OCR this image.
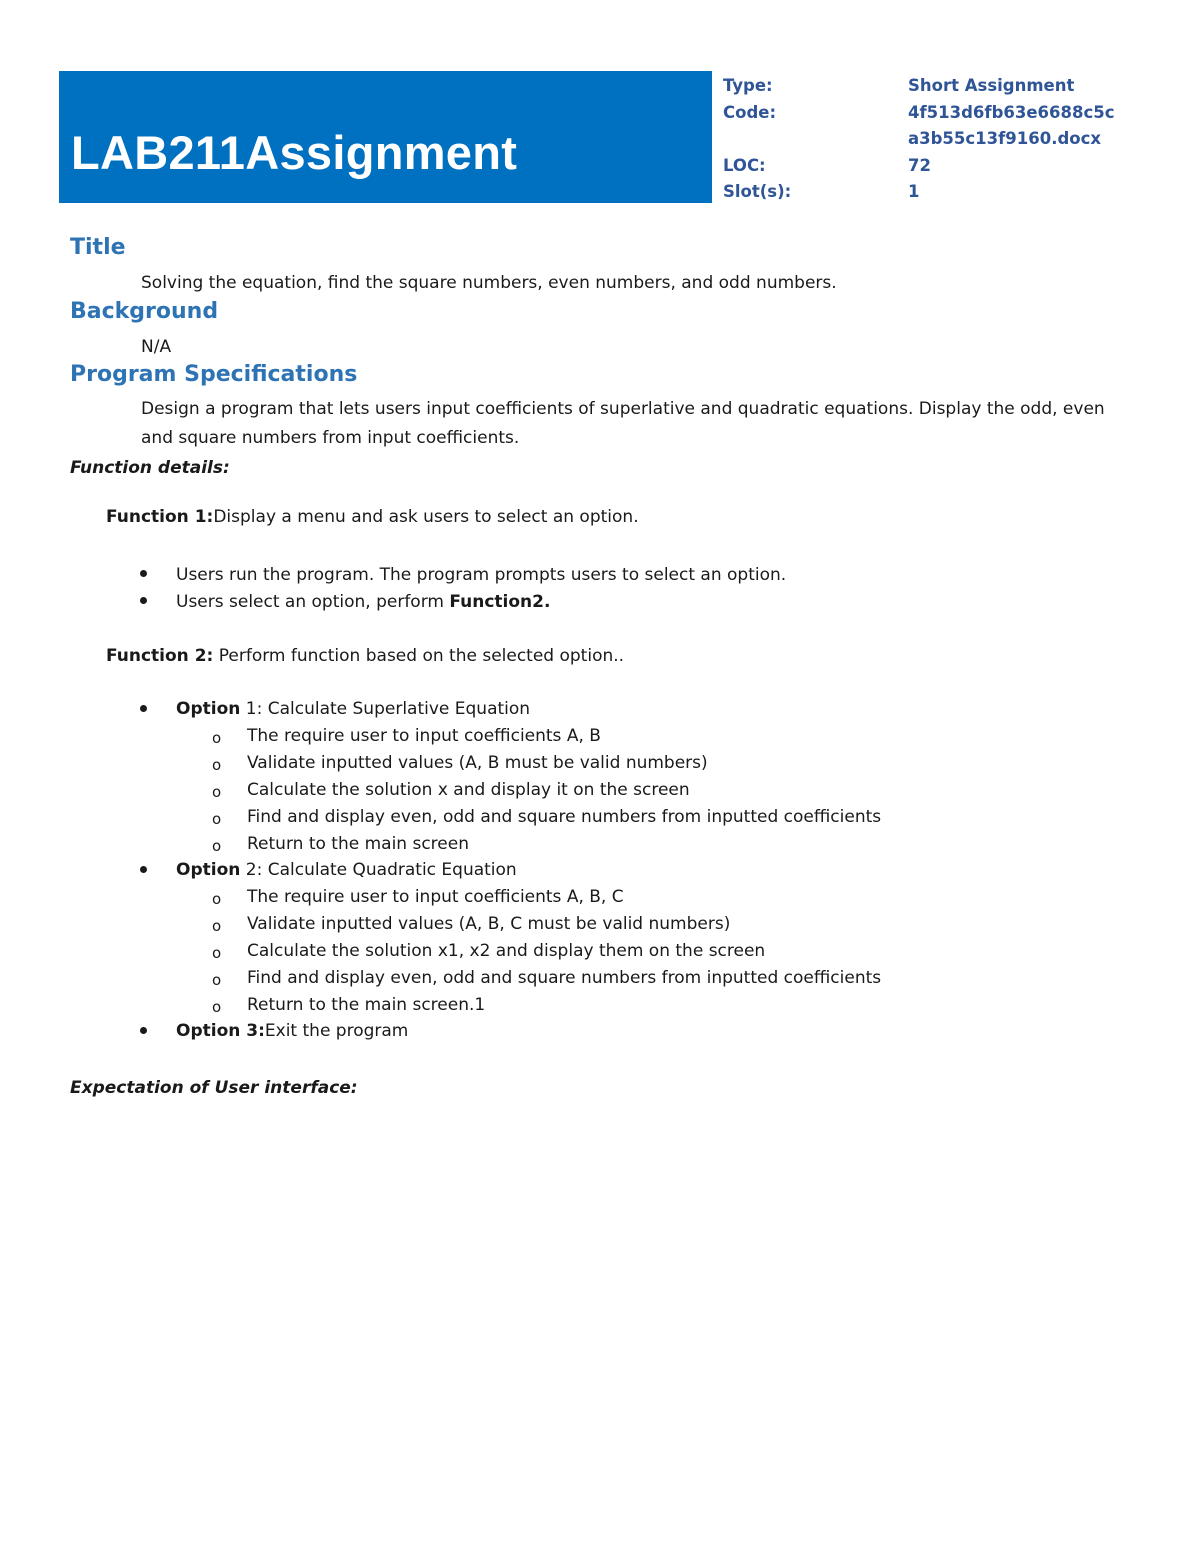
LAB211Assignment
Type:	Short Assignment
Code:	4f513d6fb63e6688c5c a3b55c13f9160.docx
LOC:	72
Slot(s):	1
Title
Solving the equation, find the square numbers, even numbers, and odd numbers.
Background
N/A
Program Specifications
Design a program that lets users input coefficients of superlative and quadratic equations. Display the odd, even and square numbers from input coefficients.
Function details:
Function 1:Display a menu and ask users to select an option.
Users run the program. The program prompts users to select an option.
Users select an option, perform Function2.
Function 2: Perform function based on the selected option..
Option 1: Calculate Superlative Equation
o The require user to input coefficients A, B
o Validate inputted values (A, B must be valid numbers)
o Calculate the solution x and display it on the screen
o Find and display even, odd and square numbers from inputted coefficients
o Return to the main screen
Option 2: Calculate Quadratic Equation
o The require user to input coefficients A, B, C
o Validate inputted values (A, B, C must be valid numbers)
o Calculate the solution x1, x2 and display them on the screen
o Find and display even, odd and square numbers from inputted coefficients
o Return to the main screen.1
Option 3:Exit the program
Expectation of User interface:
